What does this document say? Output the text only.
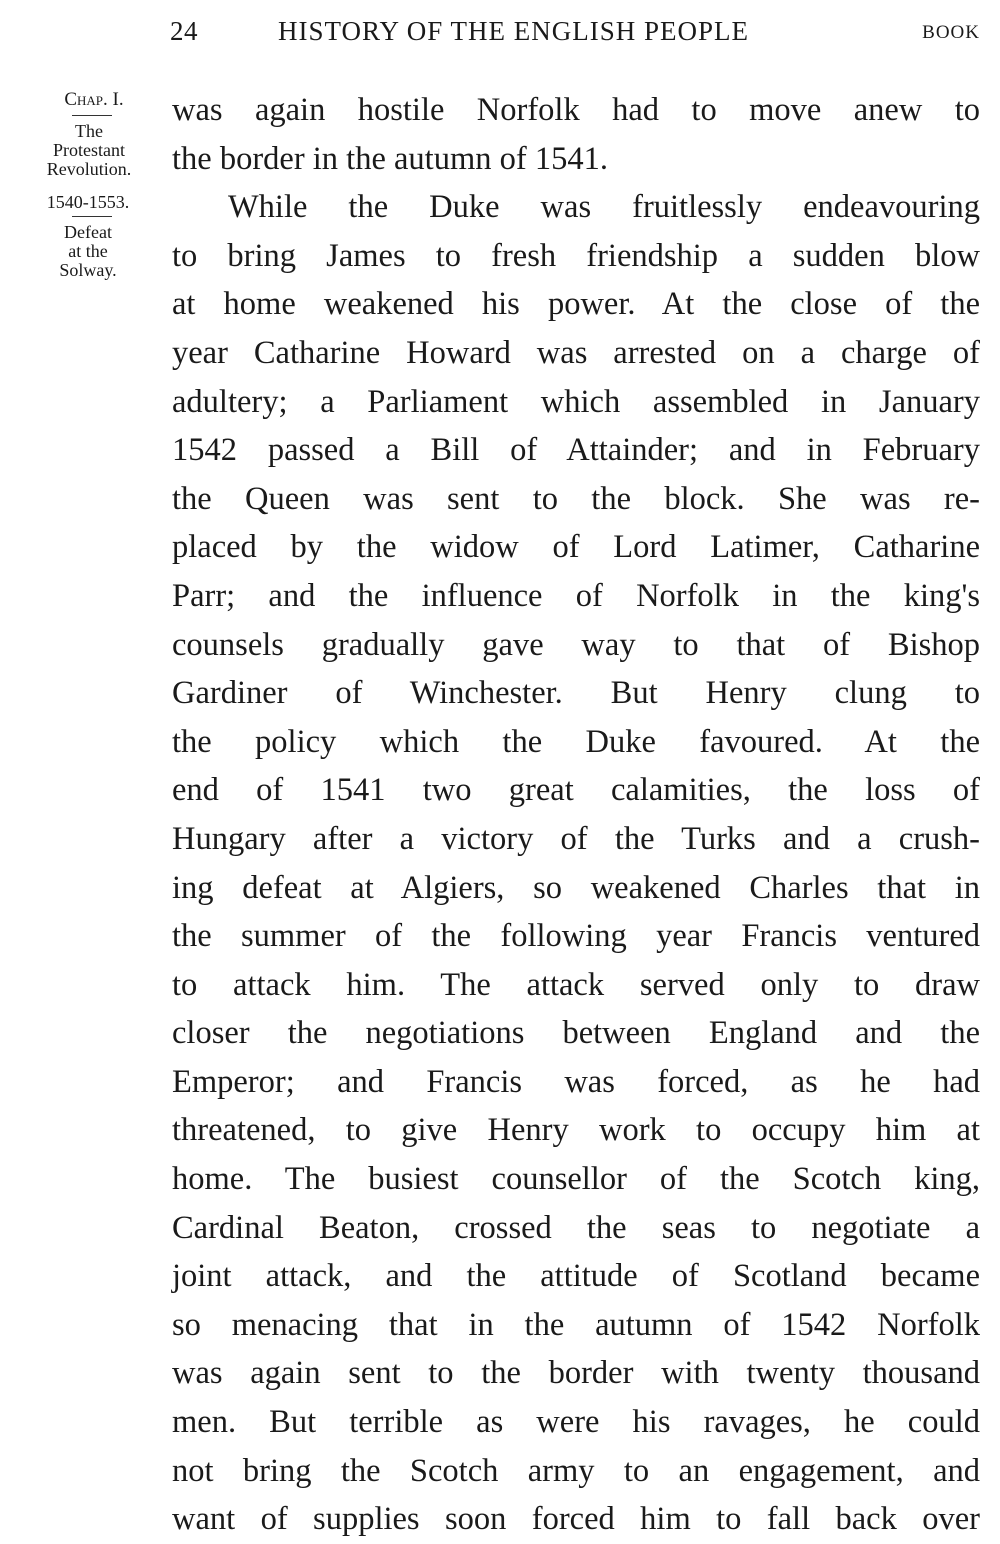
24	HISTORY OF THE ENGLISH PEOPLE	BOOK
Chap. I.
The
Protestant
Revolution.
1540-1553.
Defeat
at the
Solway.
was again hostile Norfolk had to move anew to
the border in the autumn of 1541.
While the Duke was fruitlessly endeavouring
to bring James to fresh friendship a sudden blow
at home weakened his power. At the close of the
year Catharine Howard was arrested on a charge of
adultery; a Parliament which assembled in January
1542 passed a Bill of Attainder; and in February
the Queen was sent to the block. She was re-
placed by the widow of Lord Latimer, Catharine
Parr; and the influence of Norfolk in the king's
counsels gradually gave way to that of Bishop
Gardiner of Winchester. But Henry clung to
the policy which the Duke favoured. At the
end of 1541 two great calamities, the loss of
Hungary after a victory of the Turks and a crush-
ing defeat at Algiers, so weakened Charles that in
the summer of the following year Francis ventured
to attack him. The attack served only to draw
closer the negotiations between England and the
Emperor; and Francis was forced, as he had
threatened, to give Henry work to occupy him at
home. The busiest counsellor of the Scotch king,
Cardinal Beaton, crossed the seas to negotiate a
joint attack, and the attitude of Scotland became
so menacing that in the autumn of 1542 Norfolk
was again sent to the border with twenty thousand
men. But terrible as were his ravages, he could
not bring the Scotch army to an engagement, and
want of supplies soon forced him to fall back over
